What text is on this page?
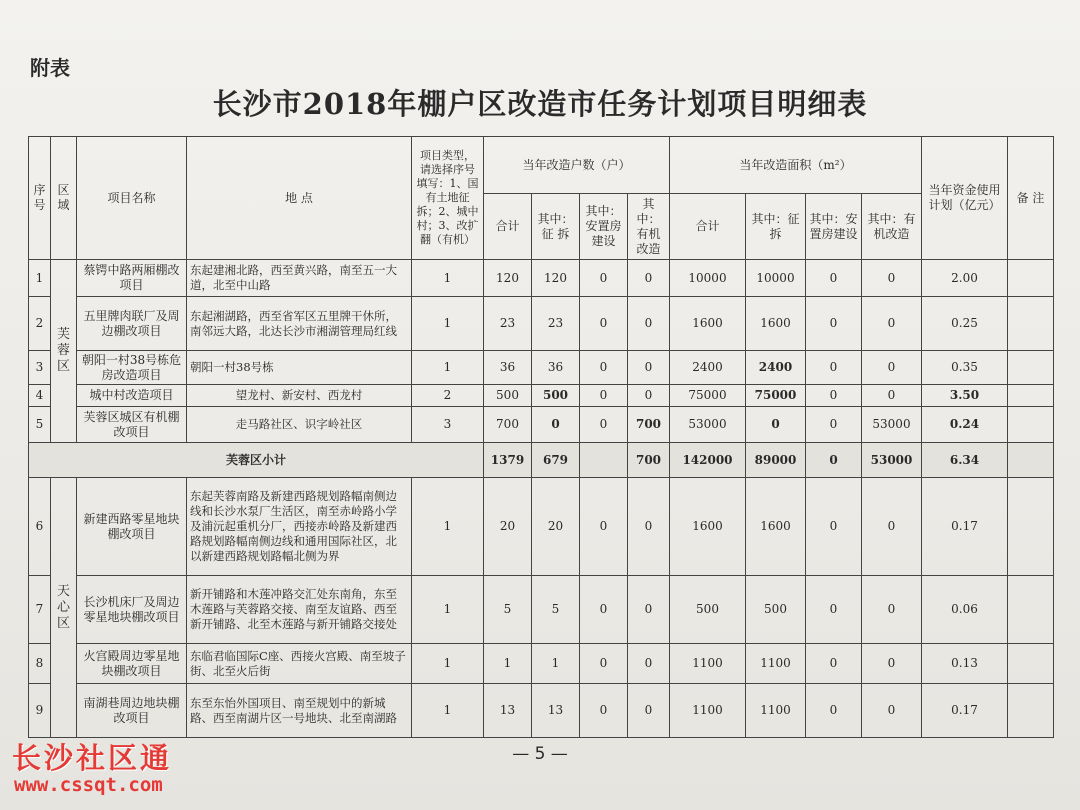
附表
长沙市2018年棚户区改造市任务计划项目明细表
序号	区域	项目名称	地 点	项目类型，请选择序号填写：1、国有土地征拆；2、城中村；3、改扩翻（有机）	当年改造户数（户）				当年改造面积（m²）				当年资金使用计划（亿元）	备 注
					合计	其中：征 拆	其中：安置房建设	其中：有机改造	合计	其中：征 拆	其中：安置房建设	其中：有机改造		
1	芙蓉区	蔡锷中路两厢棚改项目	东起建湘北路，西至黄兴路，南至五一大道，北至中山路	1	120	120	0	0	10000	10000	0	0	2.00	
2		五里牌肉联厂及周边棚改项目	东起湘湖路，西至省军区五里牌干休所，南邻远大路，北达长沙市湘湖管理局红线	1	23	23	0	0	1600	1600	0	0	0.25	
3		朝阳一村38号栋危房改造项目	朝阳一村38号栋	1	36	36	0	0	2400	2400	0	0	0.35	
4		城中村改造项目	望龙村、新安村、西龙村	2	500	500	0	0	75000	75000	0	0	3.50	
5		芙蓉区城区有机棚改项目	走马路社区、识字岭社区	3	700	0	0	700	53000	0	0	53000	0.24	
芙蓉区小计					1379	679		700	142000	89000	0	53000	6.34	
6	天心区	新建西路零星地块棚改项目	东起芙蓉南路及新建西路规划路幅南侧边线和长沙水泵厂生活区，南至赤岭路小学及浦沅起重机分厂，西接赤岭路及新建西路规划路幅南侧边线和通用国际社区，北以新建西路规划路幅北侧为界	1	20	20	0	0	1600	1600	0	0	0.17	
7		长沙机床厂及周边零星地块棚改项目	新开铺路和木莲冲路交汇处东南角，东至木莲路与芙蓉路交接、南至友谊路、西至新开铺路、北至木莲路与新开铺路交接处	1	5	5	0	0	500	500	0	0	0.06	
8		火宫殿周边零星地块棚改项目	东临君临国际C座、西接火宫殿、南至坡子街、北至火后街	1	1	1	0	0	1100	1100	0	0	0.13	
9		南湖巷周边地块棚改项目	东至东怡外国项目、南至规划中的新城路、西至南湖片区一号地块、北至南湖路	1	13	13	0	0	1100	1100	0	0	0.17	
— 5 —
长沙社区通
www.cssqt.com
